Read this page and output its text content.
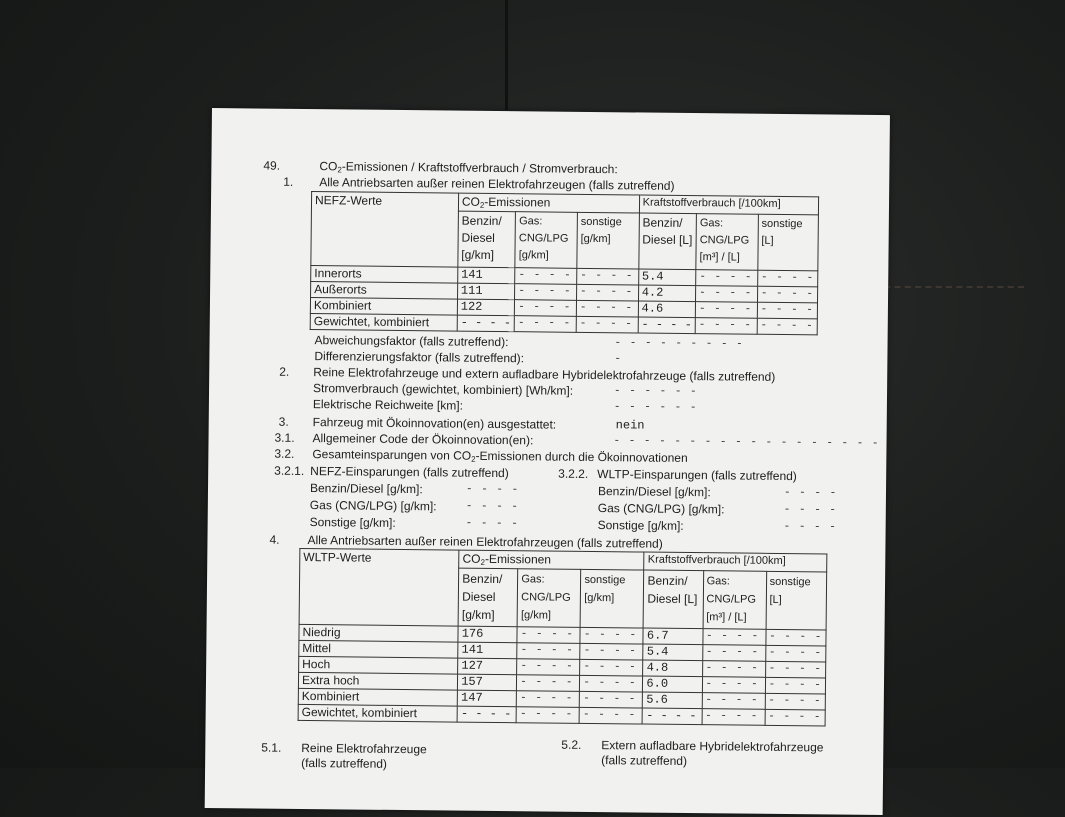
49.	$CO_2$-Emissionen / Kraftstoffverbrauch / Stromverbrauch:
1. Alle Antriebsarten außer reinen Elektrofahrzeugen (falls zutreffend)
NEFZ-Werte	$CO_2$-Emissionen			Kraftstoffverbrauch [/100km]		
	Benzin/ Diesel [g/km]	Gas: CNG/LPG [g/km]	sonstige [g/km]	Benzin/ Diesel [L]	Gas: CNG/LPG [m³] / [L]	sonstige [L]
Innerorts	141	- - - -	- - - -	5.4	- - - -	- - - -
Außerorts	111	- - - -	- - - -	4.2	- - - -	- - - -
Kombiniert	122	- - - -	- - - -	4.6	- - - -	- - - -
Gewichtet, kombiniert	- - - -	- - - -	- - - -	- - - -	- - - -	- - - -
Abweichungsfaktor (falls zutreffend):	- - - - - - - - -
Differenzierungsfaktor (falls zutreffend):	-
2. Reine Elektrofahrzeuge und extern aufladbare Hybridelektrofahrzeuge (falls zutreffend)
Stromverbrauch (gewichtet, kombiniert) [Wh/km]:	- - - - - -
Elektrische Reichweite [km]:	- - - - - -
3. Fahrzeug mit Ökoinnovation(en) ausgestattet:	nein
3.1. Allgemeiner Code der Ökoinnovation(en):	- - - - - - - - - - - - - - - - - - - - - - - - - - - - - -
3.2. Gesamteinsparungen von $CO_2$-Emissionen durch die Ökoinnovationen
3.2.1. NEFZ-Einsparungen (falls zutreffend)	3.2.2. WLTP-Einsparungen (falls zutreffend)
Benzin/Diesel [g/km]:	- - - -
Gas (CNG/LPG) [g/km]:	- - - -
Sonstige [g/km]:	- - - -
Benzin/Diesel [g/km]:	- - - -
Gas (CNG/LPG) [g/km]:	- - - -
Sonstige [g/km]:	- - - -
4. Alle Antriebsarten außer reinen Elektrofahrzeugen (falls zutreffend)
WLTP-Werte	$CO_2$-Emissionen			Kraftstoffverbrauch [/100km]		
	Benzin/ Diesel [g/km]	Gas: CNG/LPG [g/km]	sonstige [g/km]	Benzin/ Diesel [L]	Gas: CNG/LPG [m³] / [L]	sonstige [L]
Niedrig	176	- - - -	- - - -	6.7	- - - -	- - - -
Mittel	141	- - - -	- - - -	5.4	- - - -	- - - -
Hoch	127	- - - -	- - - -	4.8	- - - -	- - - -
Extra hoch	157	- - - -	- - - -	6.0	- - - -	- - - -
Kombiniert	147	- - - -	- - - -	5.6	- - - -	- - - -
Gewichtet, kombiniert	- - - -	- - - -	- - - -	- - - -	- - - -	- - - -
5.1. Reine Elektrofahrzeuge
(falls zutreffend)
5.2. Extern aufladbare Hybridelektrofahrzeuge
(falls zutreffend)
